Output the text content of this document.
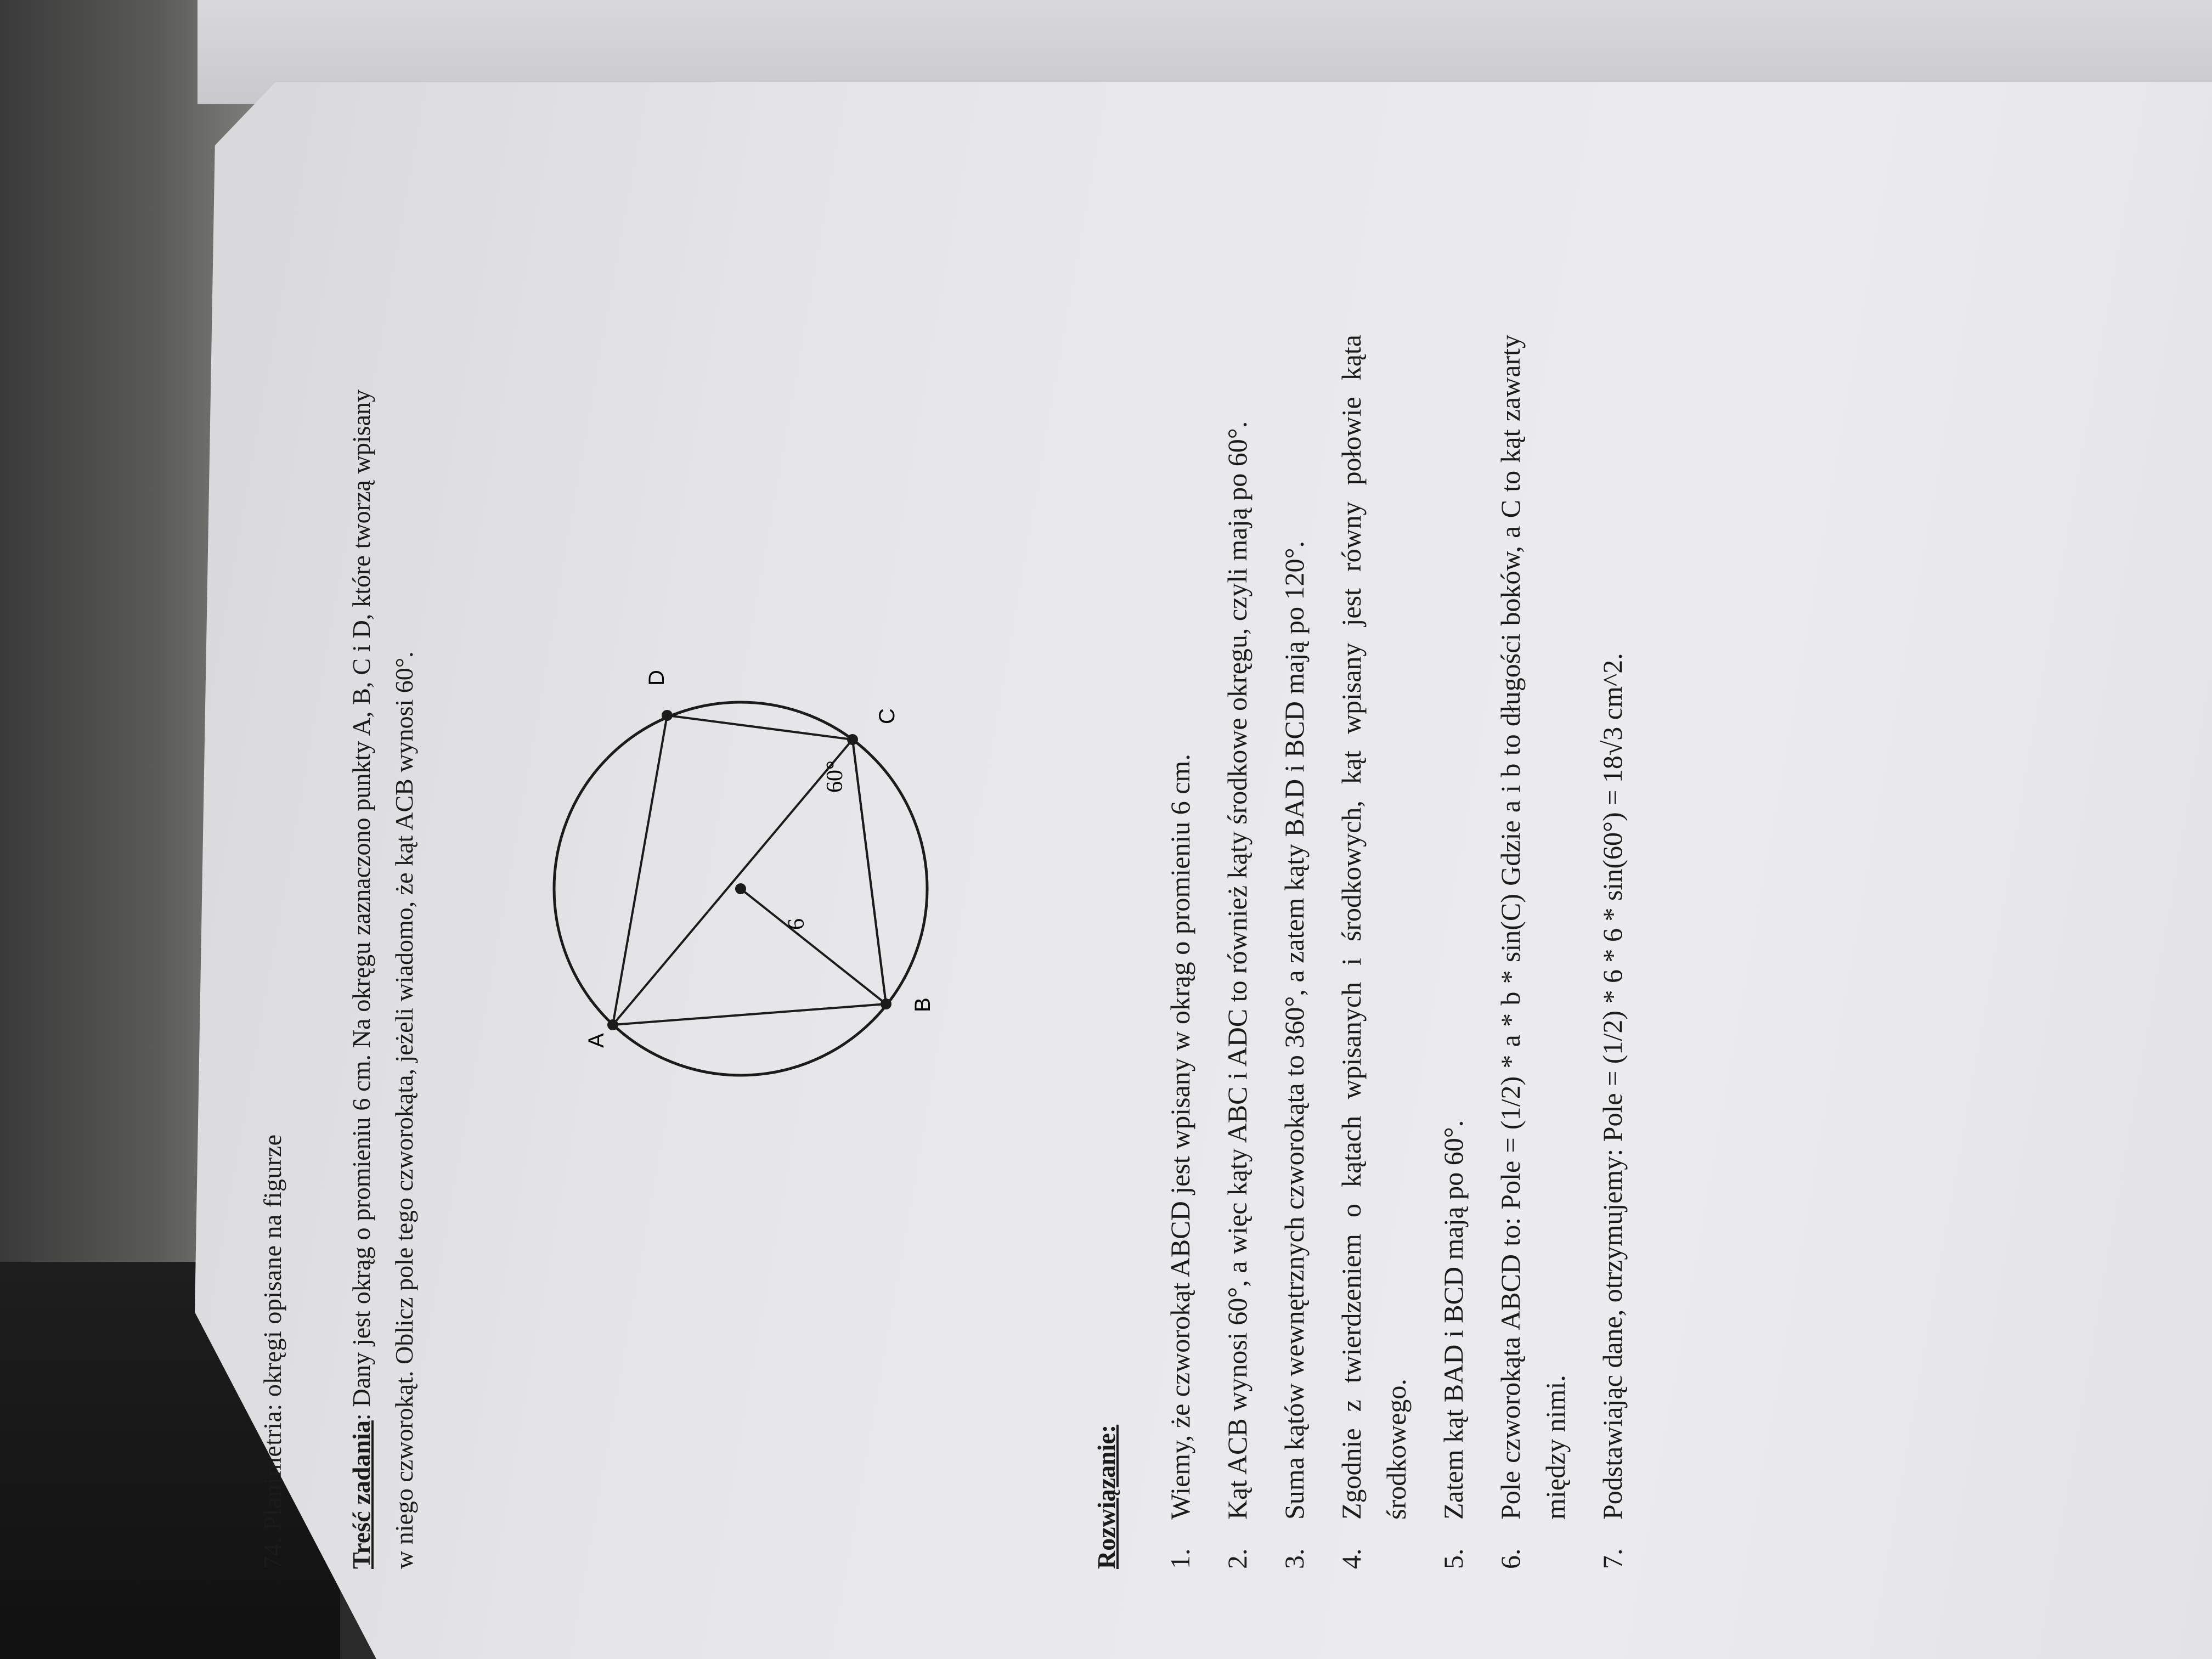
74. Planimetria: okręgi opisane na figurze Treść zadania: Dany jest okrąg o promieniu 6 cm. Na okręgu zaznaczono punkty A, B, C i D, które tworzą wpisany w niego czworokąt. Oblicz pole tego czworokąta, jeżeli wiadomo, że kąt ACB wynosi 60°.	A
B
C
D
6
60°
Rozwiązanie:
1.
Wiemy, że czworokąt ABCD jest wpisany w okrąg o promieniu 6 cm.
2.
Kąt ACB wynosi 60°, a więc kąty ABC i ADC to również kąty środkowe okręgu, czyli mają po 60°.
3.
Suma kątów wewnętrznych czworokąta to 360°, a zatem kąty BAD i BCD mają po 120°.
4.
Zgodnie z twierdzeniem o kątach wpisanych i środkowych, kąt wpisany jest równy połowie kąta środkowego.
5.
Zatem kąt BAD i BCD mają po 60°.
6.
Pole czworokąta ABCD to: Pole = (1/2) * a * b * sin(C) Gdzie a i b to długości boków, a C to kąt zawarty między nimi.
7.
Podstawiając dane, otrzymujemy: Pole = (1/2) * 6 * 6 * sin(60°) = 18√3 cm^2.
